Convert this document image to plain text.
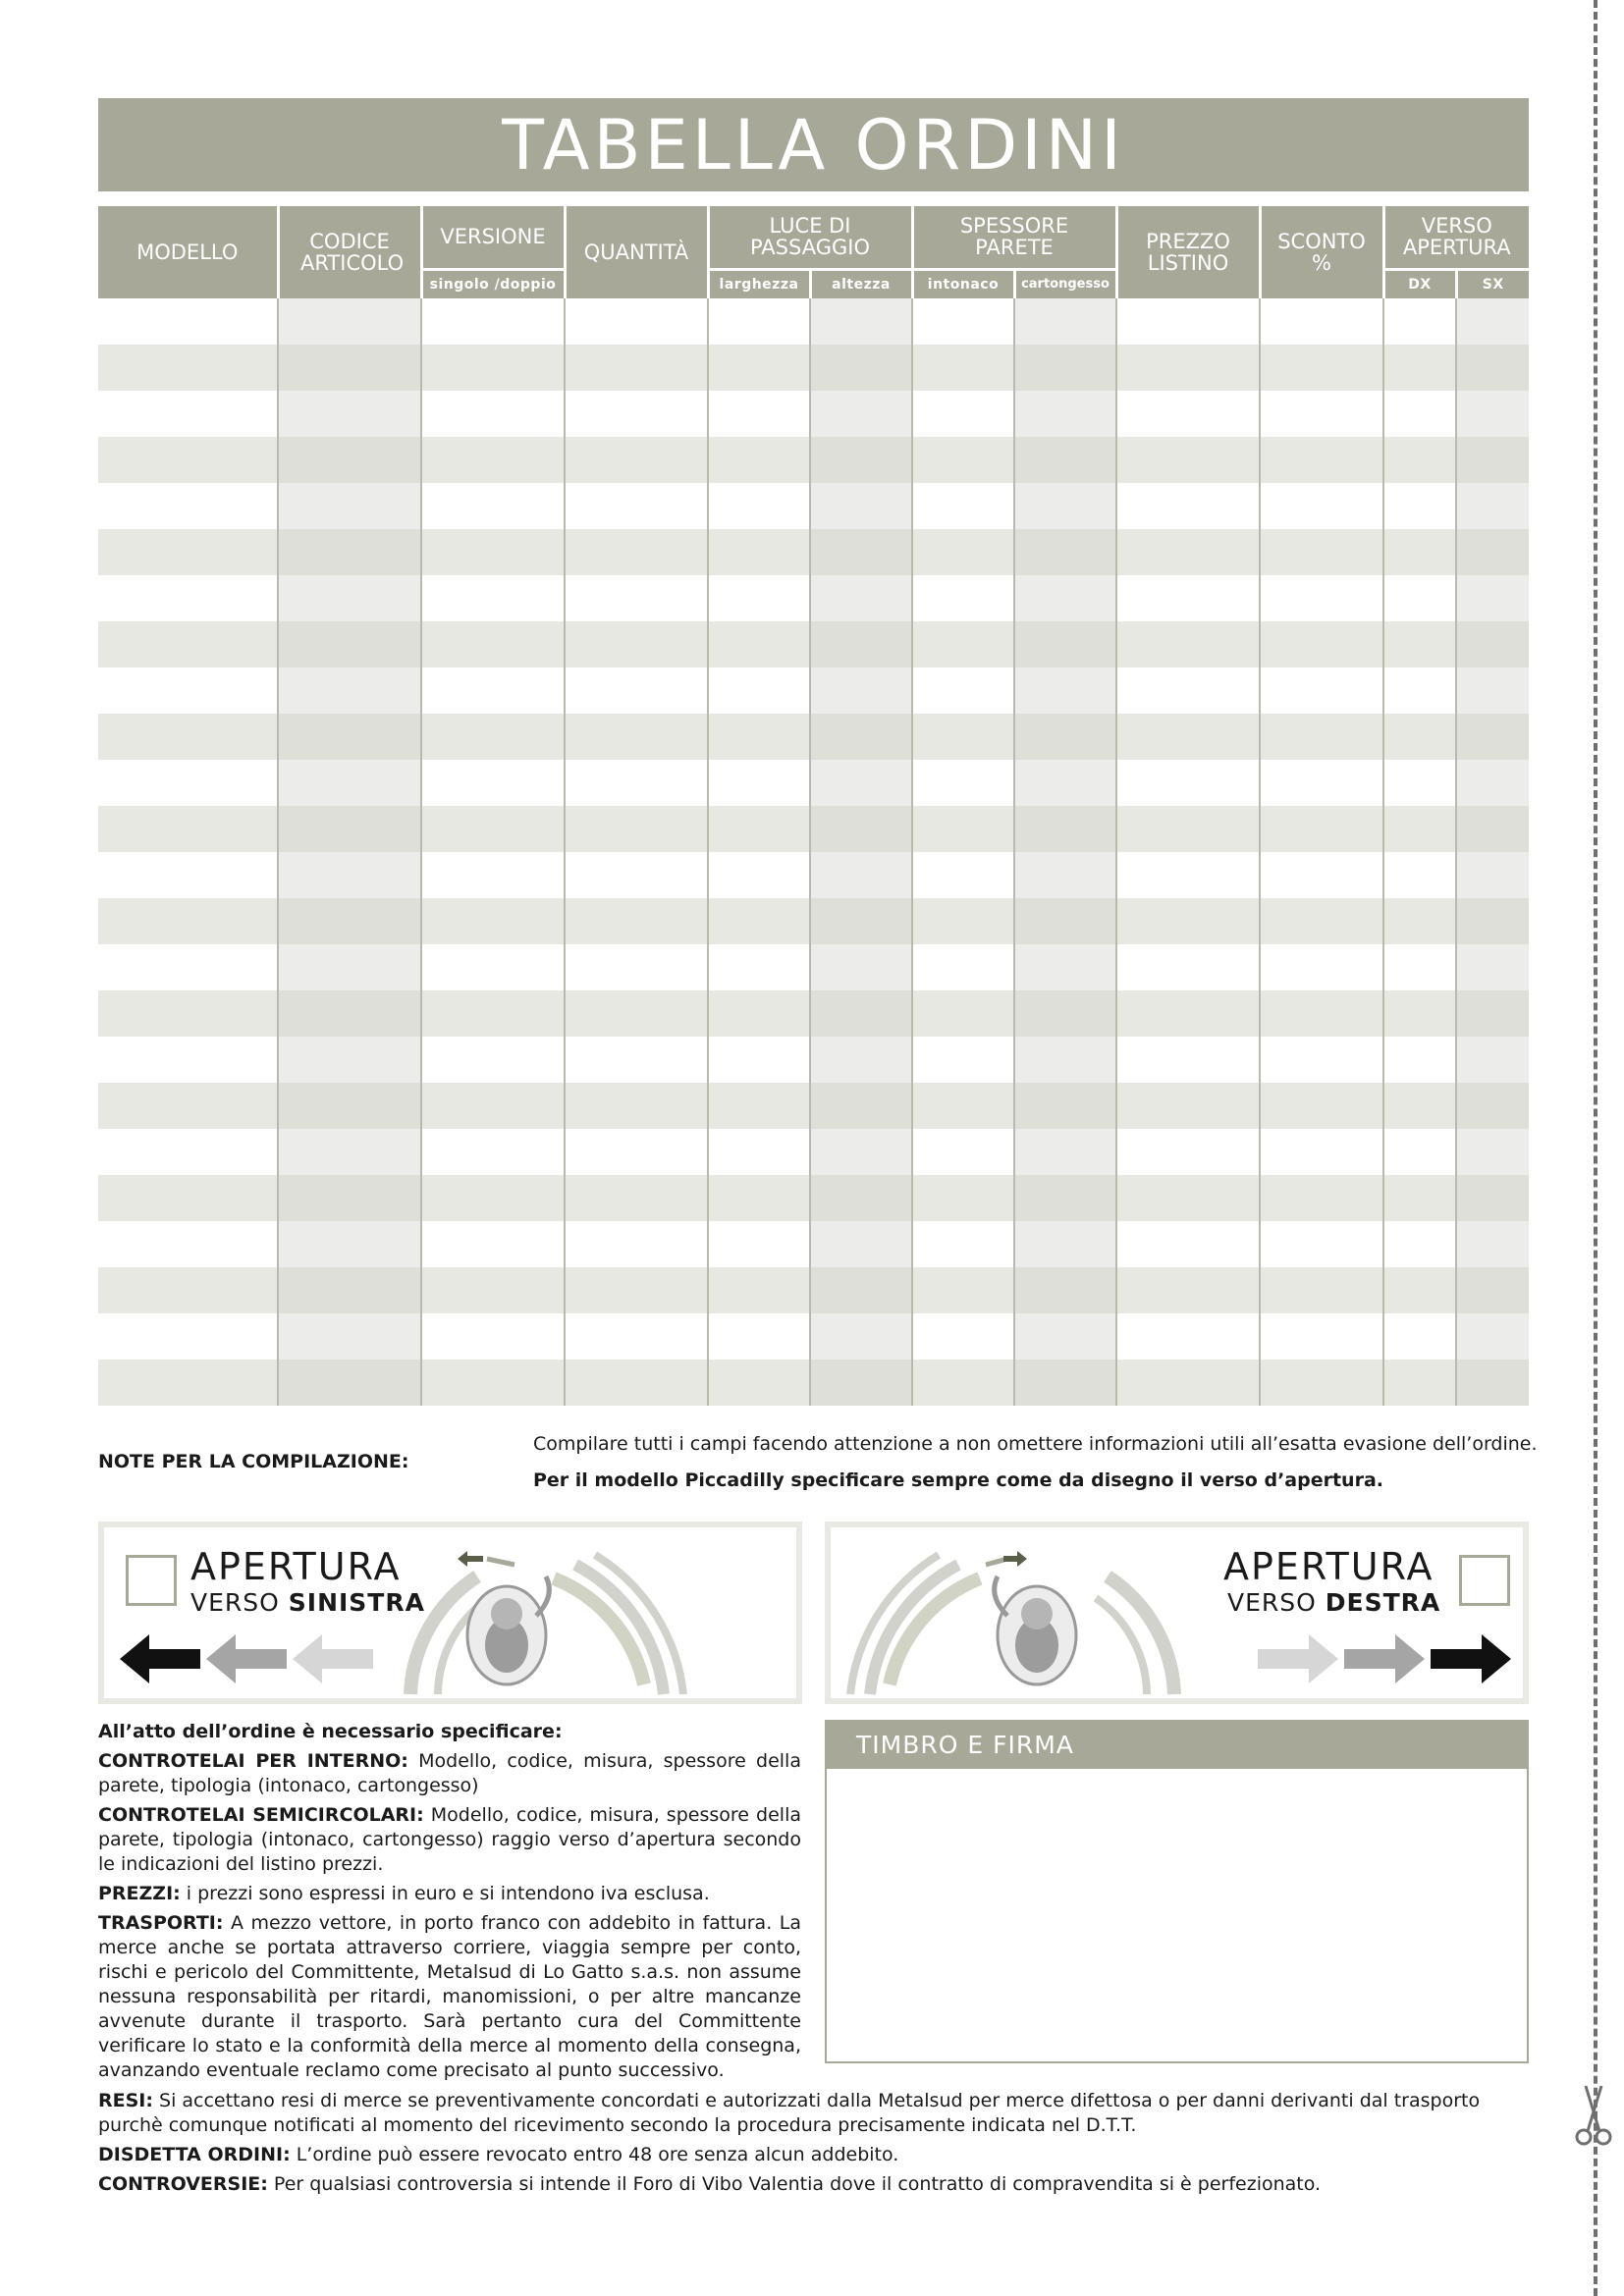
TABELLA ORDINI
MODELLO	CODICE ARTICOLO	VERSIONE	QUANTITÀ	LUCE DI PASSAGGIO		SPESSORE PARETE		PREZZO LISTINO	SCONTO %	VERSO APERTURA	

		singolo /doppio		larghezza	altezza	intonaco	cartongesso			DX	SX

NOTE PER LA COMPILAZIONE:
Compilare tutti i campi facendo attenzione a non omettere informazioni utili all’esatta evasione dell’ordine.
Per il modello Piccadilly specificare sempre come da disegno il verso d’apertura.
APERTURA
VERSO SINISTRA
APERTURA
VERSO DESTRA

All’atto dell’ordine è necessario specificare:

CONTROTELAI PER INTERNO: Modello, codice, misura, spessore della parete, tipologia (intonaco, cartongesso)

CONTROTELAI SEMICIRCOLARI: Modello, codice, misura, spessore della parete, tipologia (intonaco, cartongesso) raggio verso d’apertura secondo le indicazioni del listino prezzi.

PREZZI: i prezzi sono espressi in euro e si intendono iva esclusa.

TRASPORTI: A mezzo vettore, in porto franco con addebito in fattura. La merce anche se portata attraverso corriere, viaggia sempre per conto, rischi e pericolo del Committente, Metalsud di Lo Gatto s.a.s. non assume nessuna responsabilità per ritardi, manomissioni, o per altre mancanze avvenute durante il trasporto. Sarà pertanto cura del Committente verificare lo stato e la conformità della merce al momento della consegna, avanzando eventuale reclamo come precisato al punto successivo.

RESI: Si accettano resi di merce se preventivamente concordati e autorizzati dalla Metalsud per merce difettosa o per danni derivanti dal trasporto purchè comunque notificati al momento del ricevimento secondo la procedura precisamente indicata nel D.T.T.

DISDETTA ORDINI: L’ordine può essere revocato entro 48 ore senza alcun addebito.

CONTROVERSIE: Per qualsiasi controversia si intende il Foro di Vibo Valentia dove il contratto di compravendita si è perfezionato.

TIMBRO E FIRMA
